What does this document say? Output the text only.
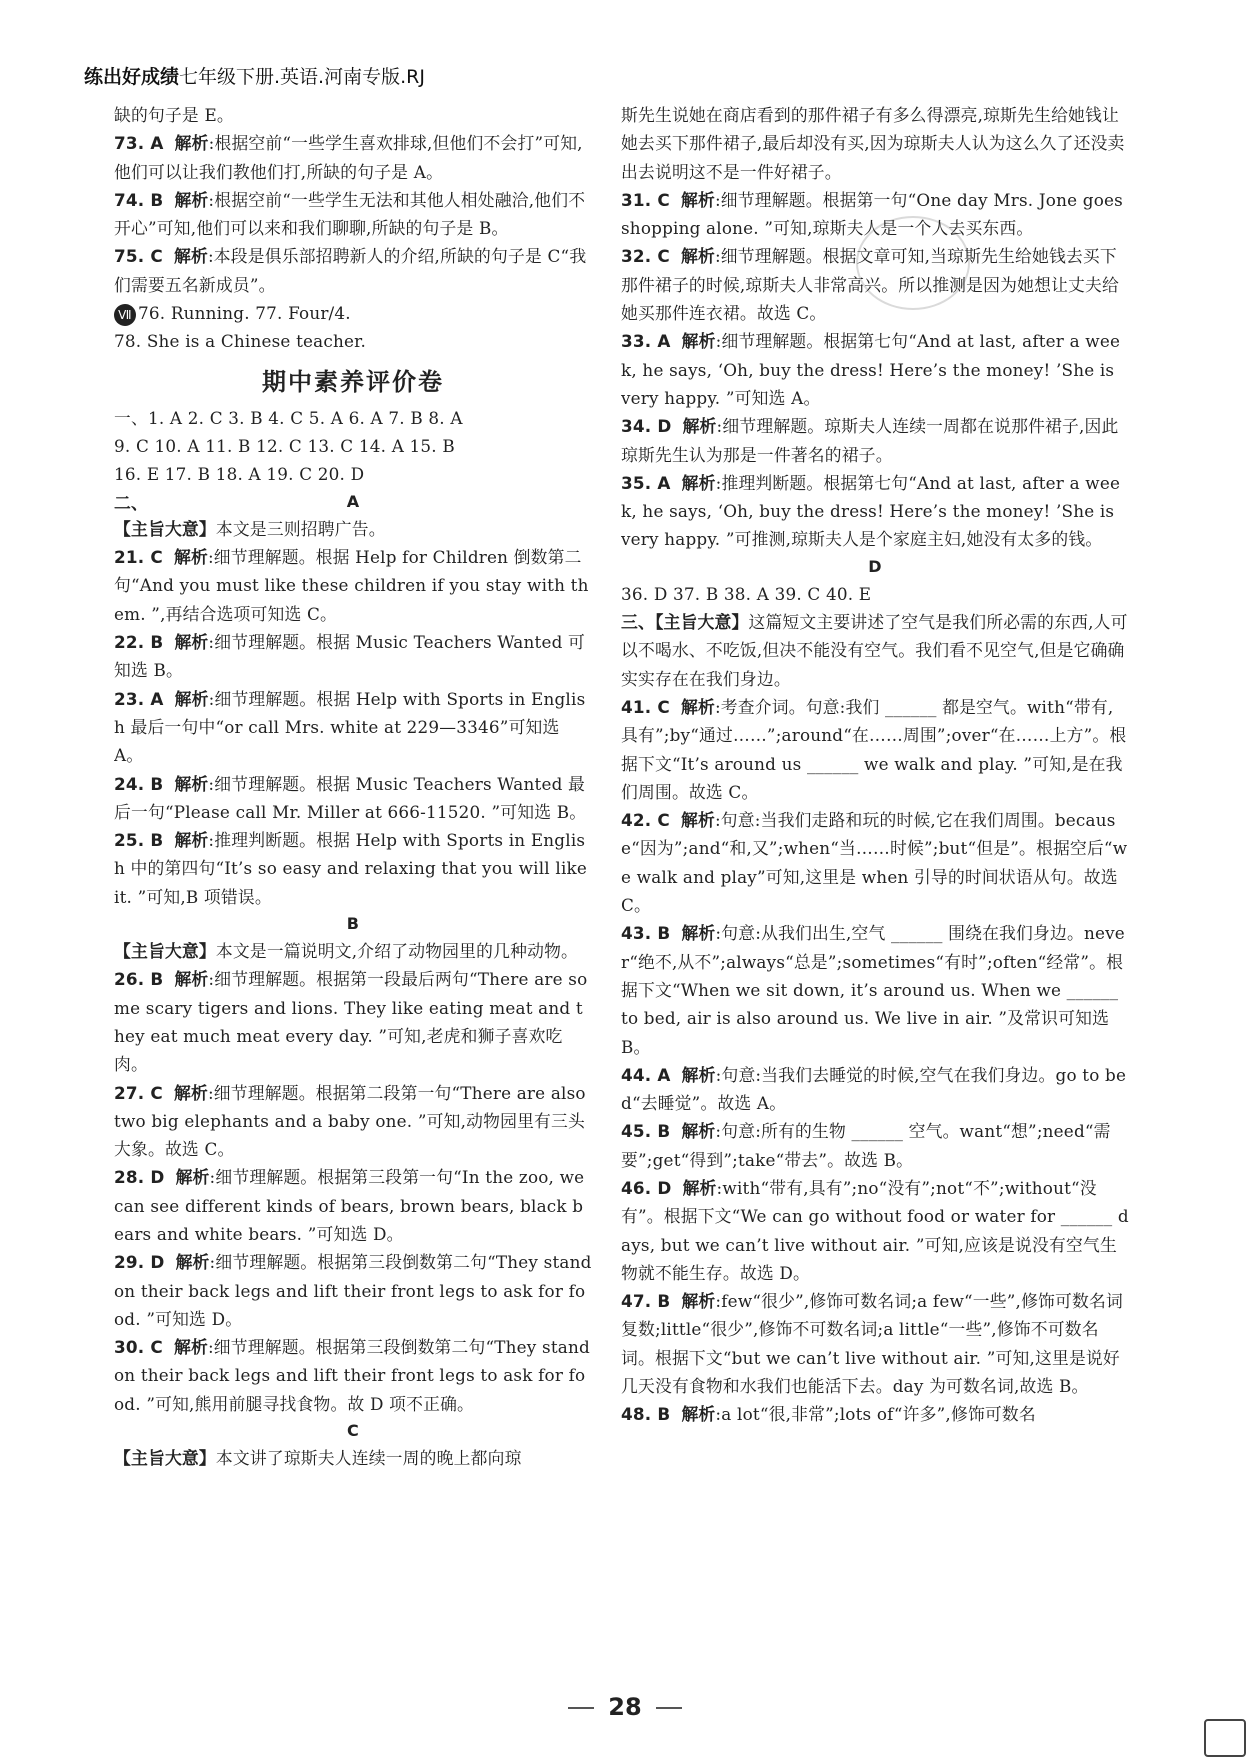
练出好成绩七年级下册.英语.河南专版.RJ

缺的句子是 E。

73. A 解析:根据空前“一些学生喜欢排球,但他们不会打”可知,他们可以让我们教他们打,所缺的句子是 A。

74. B 解析:根据空前“一些学生无法和其他人相处融洽,他们不开心”可知,他们可以来和我们聊聊,所缺的句子是 B。

75. C 解析:本段是俱乐部招聘新人的介绍,所缺的句子是 C“我们需要五名新成员”。

Ⅶ 76. Running. 77. Four/4.

78. She is a Chinese teacher.

期中素养评价卷

一、1. A 2. C 3. B 4. C 5. A 6. A 7. B 8. A

9. C 10. A 11. B 12. C 13. C 14. A 15. B

16. E 17. B 18. A 19. C 20. D

二、	A

【主旨大意】本文是三则招聘广告。

21. C 解析:细节理解题。根据 Help for Children 倒数第二句“And you must like these children if you stay with them. ”,再结合选项可知选 C。

22. B 解析:细节理解题。根据 Music Teachers Wanted 可知选 B。

23. A 解析:细节理解题。根据 Help with Sports in English 最后一句中“or call Mrs. white at 229—3346”可知选 A。

24. B 解析:细节理解题。根据 Music Teachers Wanted 最后一句“Please call Mr. Miller at 666-11520. ”可知选 B。

25. B 解析:推理判断题。根据 Help with Sports in English 中的第四句“It’s so easy and relaxing that you will like it. ”可知,B 项错误。

B

【主旨大意】本文是一篇说明文,介绍了动物园里的几种动物。

26. B 解析:细节理解题。根据第一段最后两句“There are some scary tigers and lions. They like eating meat and they eat much meat every day. ”可知,老虎和狮子喜欢吃肉。

27. C 解析:细节理解题。根据第二段第一句“There are also two big elephants and a baby one. ”可知,动物园里有三头大象。故选 C。

28. D 解析:细节理解题。根据第三段第一句“In the zoo, we can see different kinds of bears, brown bears, black bears and white bears. ”可知选 D。

29. D 解析:细节理解题。根据第三段倒数第二句“They stand on their back legs and lift their front legs to ask for food. ”可知选 D。

30. C 解析:细节理解题。根据第三段倒数第二句“They stand on their back legs and lift their front legs to ask for food. ”可知,熊用前腿寻找食物。故 D 项不正确。

C

【主旨大意】本文讲了琼斯夫人连续一周的晚上都向琼

斯先生说她在商店看到的那件裙子有多么得漂亮,琼斯先生给她钱让她去买下那件裙子,最后却没有买,因为琼斯夫人认为这么久了还没卖出去说明这不是一件好裙子。

31. C 解析:细节理解题。根据第一句“One day Mrs. Jone goes shopping alone. ”可知,琼斯夫人是一个人去买东西。

32. C 解析:细节理解题。根据文章可知,当琼斯先生给她钱去买下那件裙子的时候,琼斯夫人非常高兴。所以推测是因为她想让丈夫给她买那件连衣裙。故选 C。

33. A 解析:细节理解题。根据第七句“And at last, after a week, he says, ‘Oh, buy the dress! Here’s the money! ’She is very happy. ”可知选 A。

34. D 解析:细节理解题。琼斯夫人连续一周都在说那件裙子,因此琼斯先生认为那是一件著名的裙子。

35. A 解析:推理判断题。根据第七句“And at last, after a week, he says, ‘Oh, buy the dress! Here’s the money! ’She is very happy. ”可推测,琼斯夫人是个家庭主妇,她没有太多的钱。

D

36. D 37. B 38. A 39. C 40. E

三、【主旨大意】这篇短文主要讲述了空气是我们所必需的东西,人可以不喝水、不吃饭,但决不能没有空气。我们看不见空气,但是它确确实实存在在我们身边。

41. C 解析:考查介词。句意:我们 ______ 都是空气。with“带有,具有”;by“通过……”;around“在……周围”;over“在……上方”。根据下文“It’s around us ______ we walk and play. ”可知,是在我们周围。故选 C。

42. C 解析:句意:当我们走路和玩的时候,它在我们周围。because“因为”;and“和,又”;when“当……时候”;but“但是”。根据空后“we walk and play”可知,这里是 when 引导的时间状语从句。故选 C。

43. B 解析:句意:从我们出生,空气 ______ 围绕在我们身边。never“绝不,从不”;always“总是”;sometimes“有时”;often“经常”。根据下文“When we sit down, it’s around us. When we ______ to bed, air is also around us. We live in air. ”及常识可知选 B。

44. A 解析:句意:当我们去睡觉的时候,空气在我们身边。go to bed“去睡觉”。故选 A。

45. B 解析:句意:所有的生物 ______ 空气。want“想”;need“需要”;get“得到”;take“带去”。故选 B。

46. D 解析:with“带有,具有”;no“没有”;not“不”;without“没有”。根据下文“We can go without food or water for ______ days, but we can’t live without air. ”可知,应该是说没有空气生物就不能生存。故选 D。

47. B 解析:few“很少”,修饰可数名词;a few“一些”,修饰可数名词复数;little“很少”,修饰不可数名词;a little“一些”,修饰不可数名词。根据下文“but we can’t live without air. ”可知,这里是说好几天没有食物和水我们也能活下去。day 为可数名词,故选 B。

48. B 解析:a lot“很,非常”;lots of“许多”,修饰可数名

28
